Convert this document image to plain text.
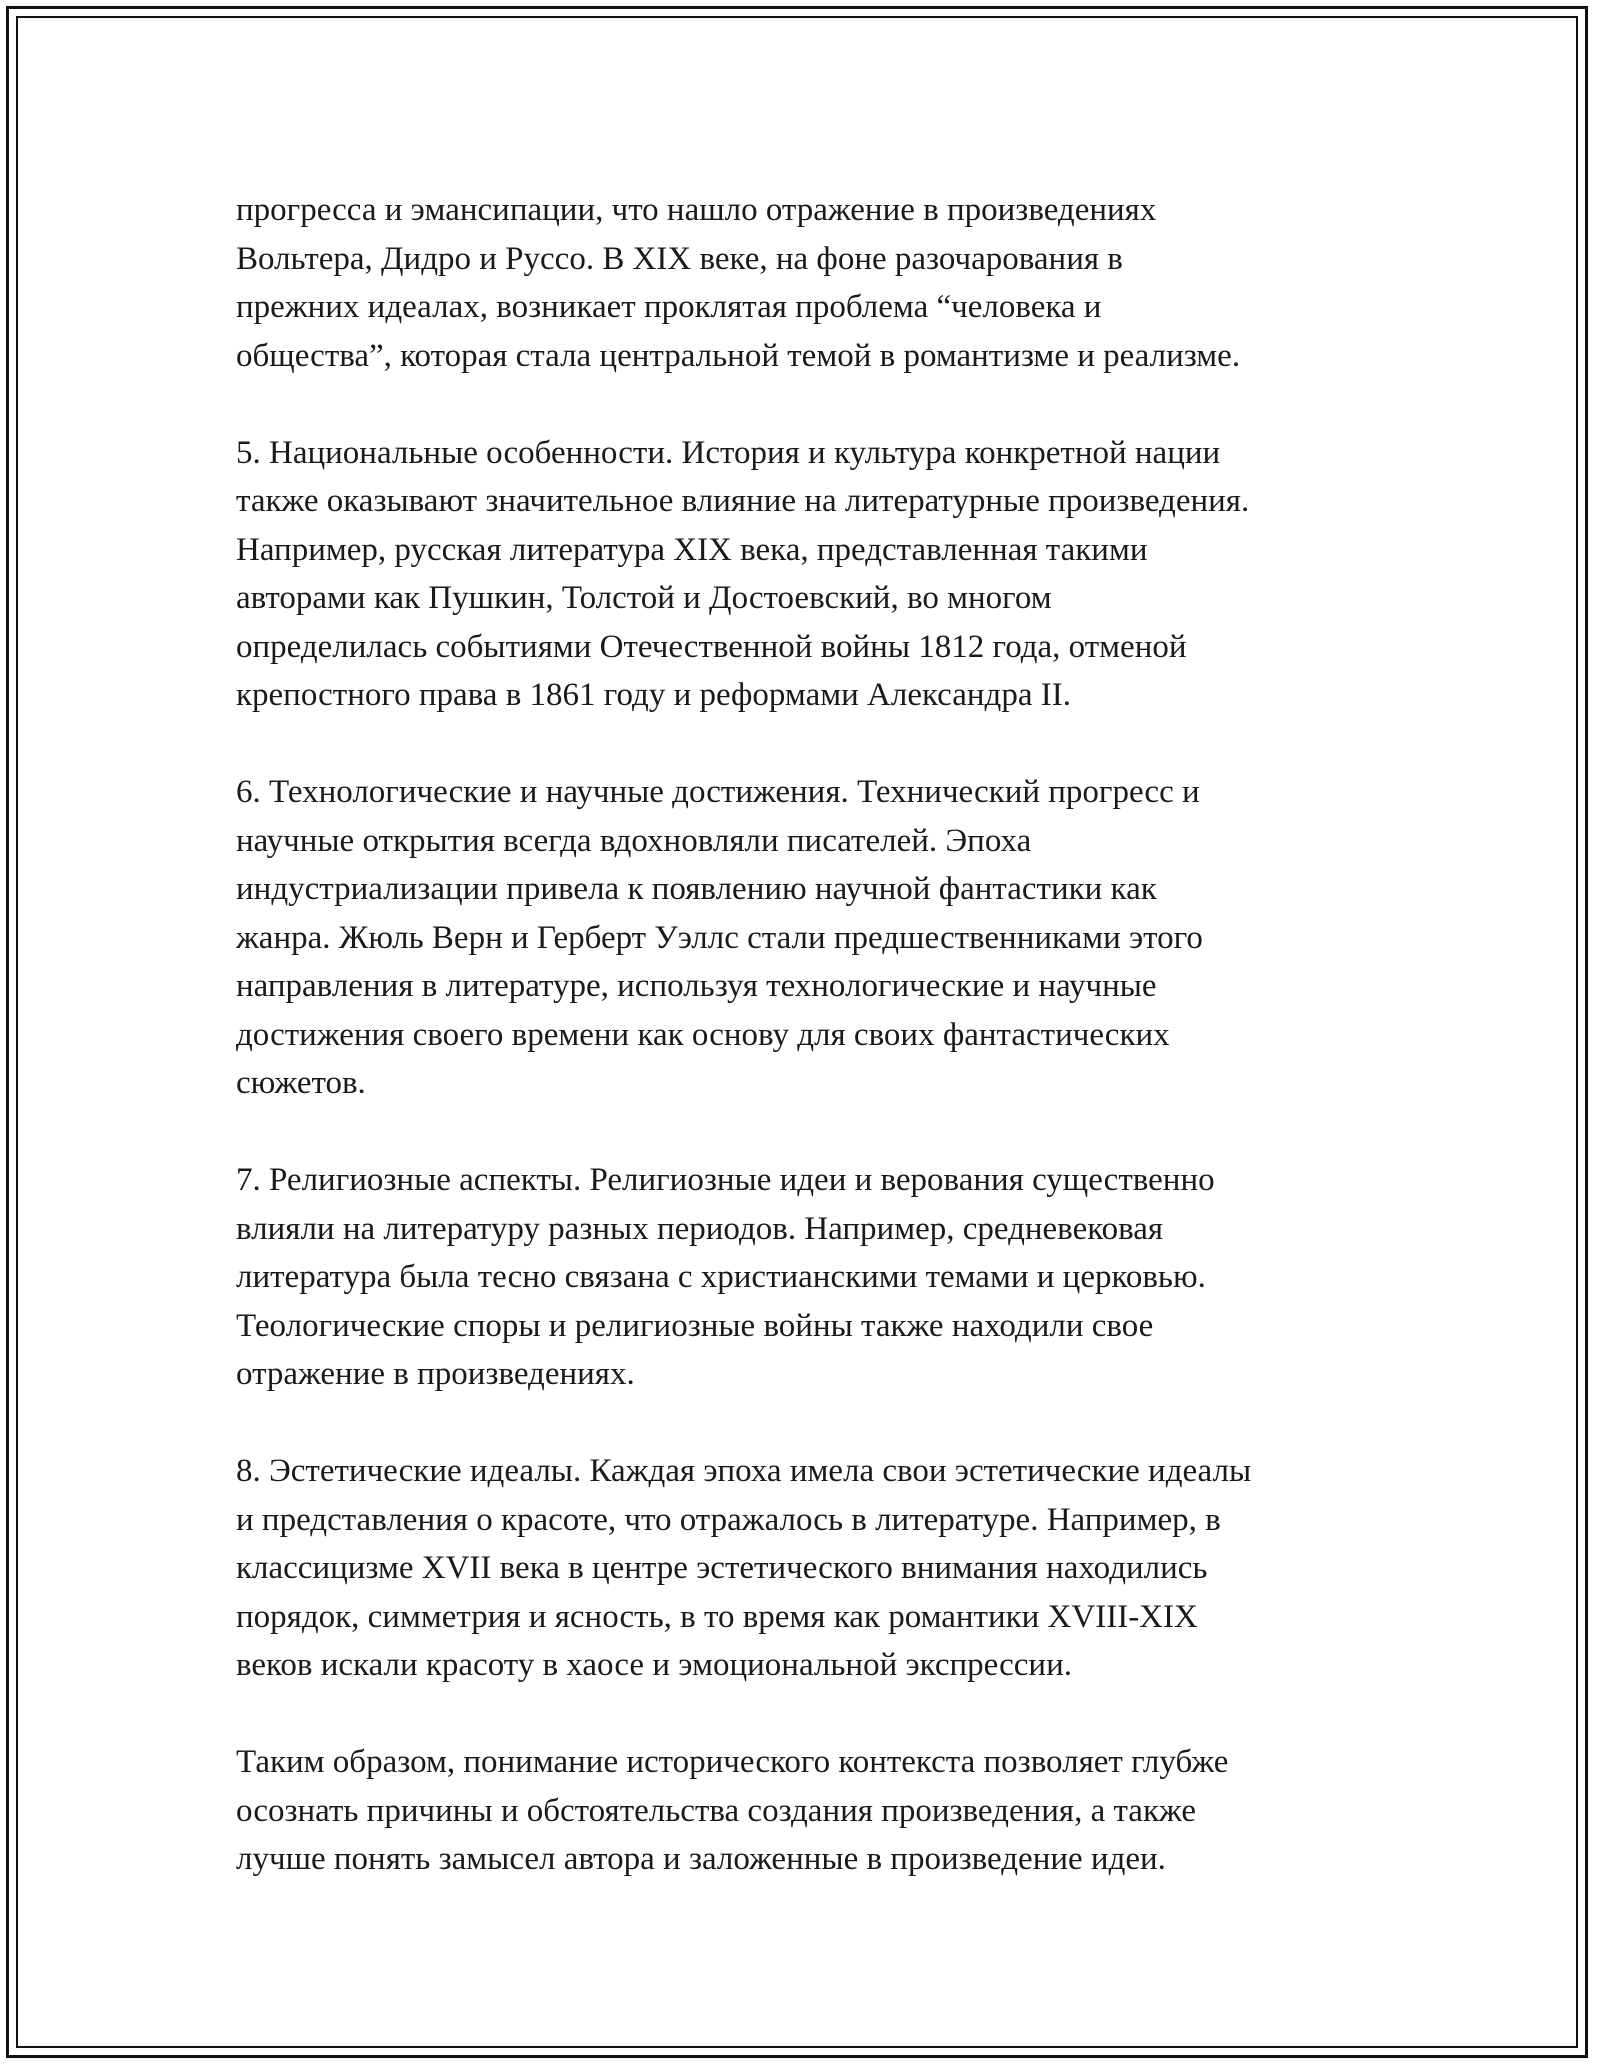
прогресса и эмансипации, что нашло отражение в произведениях
Вольтера, Дидро и Руссо. В XIX веке, на фоне разочарования в
прежних идеалах, возникает проклятая проблема “человека и
общества”, которая стала центральной темой в романтизме и реализме.

5. Национальные особенности. История и культура конкретной нации
также оказывают значительное влияние на литературные произведения.
Например, русская литература XIX века, представленная такими
авторами как Пушкин, Толстой и Достоевский, во многом
определилась событиями Отечественной войны 1812 года, отменой
крепостного права в 1861 году и реформами Александра II.

6. Технологические и научные достижения. Технический прогресс и
научные открытия всегда вдохновляли писателей. Эпоха
индустриализации привела к появлению научной фантастики как
жанра. Жюль Верн и Герберт Уэллс стали предшественниками этого
направления в литературе, используя технологические и научные
достижения своего времени как основу для своих фантастических
сюжетов.

7. Религиозные аспекты. Религиозные идеи и верования существенно
влияли на литературу разных периодов. Например, средневековая
литература была тесно связана с христианскими темами и церковью.
Теологические споры и религиозные войны также находили свое
отражение в произведениях.

8. Эстетические идеалы. Каждая эпоха имела свои эстетические идеалы
и представления о красоте, что отражалось в литературе. Например, в
классицизме XVII века в центре эстетического внимания находились
порядок, симметрия и ясность, в то время как романтики XVIII-XIX
веков искали красоту в хаосе и эмоциональной экспрессии.

Таким образом, понимание исторического контекста позволяет глубже
осознать причины и обстоятельства создания произведения, а также
лучше понять замысел автора и заложенные в произведение идеи.
